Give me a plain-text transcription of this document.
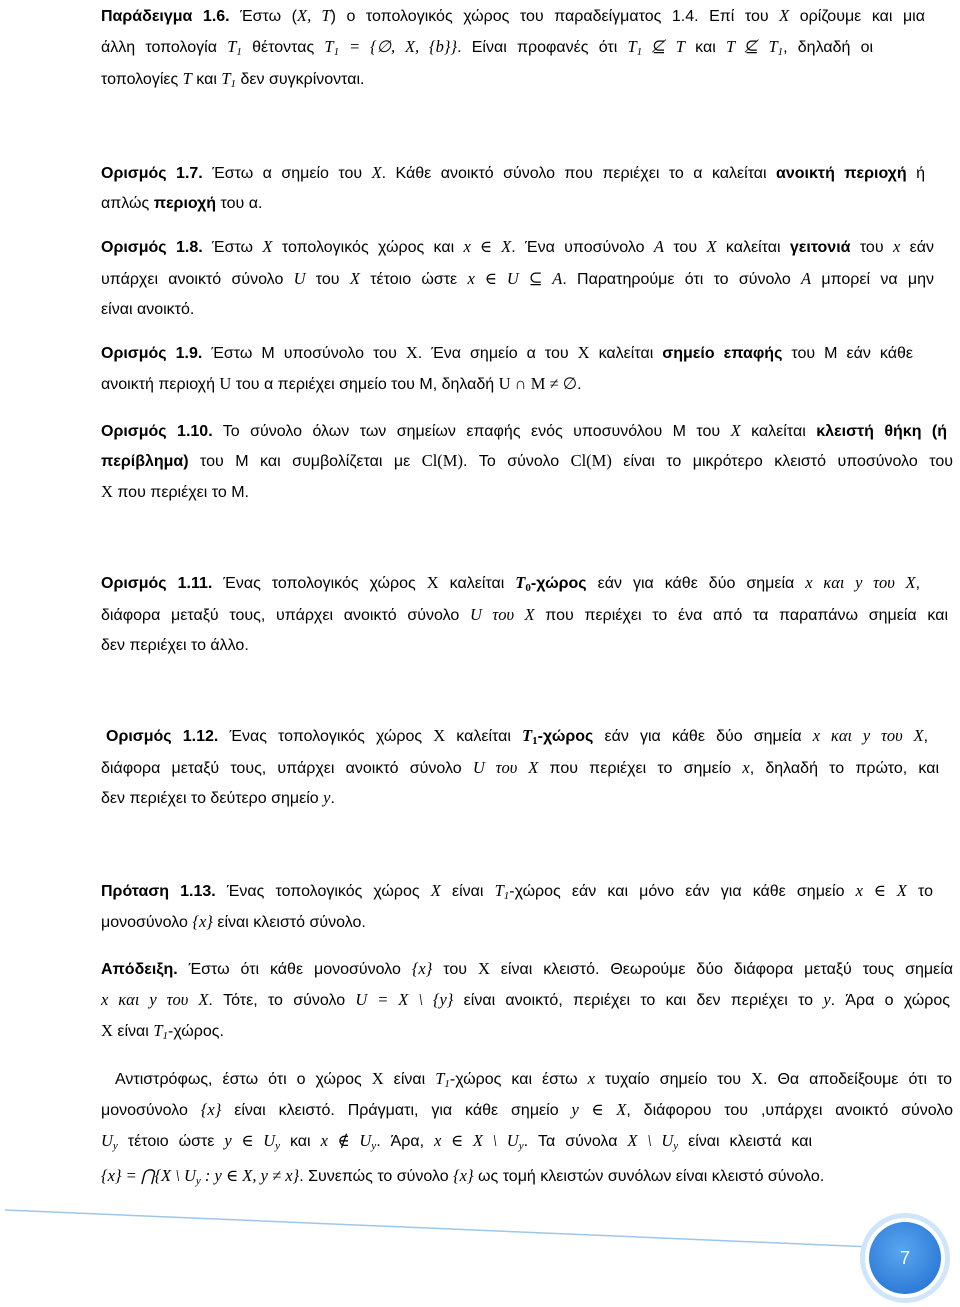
Παράδειγμα 1.6. Έστω (X, T) ο τοπολογικός χώρος του παραδείγματος 1.4. Επί του X ορίζουμε και μια
άλλη τοπολογία $T_1$ θέτοντας $T_1$ = {∅, X, {b}}. Είναι προφανές ότι $T_1$ ⊈ T και T ⊈ $T_1$, δηλαδή οι
τοπολογίες T και $T_1$ δεν συγκρίνονται.
Ορισμός 1.7. Έστω α σημείο του X. Κάθε ανοικτό σύνολο που περιέχει το α καλείται ανοικτή περιοχή ή
απλώς περιοχή του α.
Ορισμός 1.8. Έστω X τοπολογικός χώρος και x ∈ X. Ένα υποσύνολο A του X καλείται γειτονιά του x εάν
υπάρχει ανοικτό σύνολο U του X τέτοιο ώστε x ∈ U ⊆ A. Παρατηρούμε ότι το σύνολο A μπορεί να μην
είναι ανοικτό.
Ορισμός 1.9. Έστω Μ υποσύνολο του X. Ένα σημείο α του X καλείται σημείο επαφής του Μ εάν κάθε
ανοικτή περιοχή U του α περιέχει σημείο του Μ, δηλαδή U ∩ M ≠ ∅.
Ορισμός 1.10. Το σύνολο όλων των σημείων επαφής ενός υποσυνόλου Μ του X καλείται κλειστή θήκη (ή
περίβλημα) του Μ και συμβολίζεται με Cl(M). Το σύνολο Cl(M) είναι το μικρότερο κλειστό υποσύνολο του
X που περιέχει το Μ.
Ορισμός 1.11. Ένας τοπολογικός χώρος X καλείται $T_0$-χώρος εάν για κάθε δύο σημεία x και y του X,
διάφορα μεταξύ τους, υπάρχει ανοικτό σύνολο U του X που περιέχει το ένα από τα παραπάνω σημεία και
δεν περιέχει το άλλο.
Ορισμός 1.12. Ένας τοπολογικός χώρος X καλείται $T_1$-χώρος εάν για κάθε δύο σημεία x και y του X,
διάφορα μεταξύ τους, υπάρχει ανοικτό σύνολο U του X που περιέχει το σημείο x, δηλαδή το πρώτο, και
δεν περιέχει το δεύτερο σημείο y.
Πρόταση 1.13. Ένας τοπολογικός χώρος X είναι $T_1$-χώρος εάν και μόνο εάν για κάθε σημείο x ∈ X το
μονοσύνολο {x} είναι κλειστό σύνολο.
Απόδειξη. Έστω ότι κάθε μονοσύνολο {x} του X είναι κλειστό. Θεωρούμε δύο διάφορα μεταξύ τους σημεία
x και y του X. Τότε, το σύνολο U = X \ {y} είναι ανοικτό, περιέχει το και δεν περιέχει το y. Άρα ο χώρος
X είναι $T_1$-χώρος.
Αντιστρόφως, έστω ότι ο χώρος X είναι $T_1$-χώρος και έστω x τυχαίο σημείο του X. Θα αποδείξουμε ότι το
μονοσύνολο {x} είναι κλειστό. Πράγματι, για κάθε σημείο y ∈ X, διάφορου του ,υπάρχει ανοικτό σύνολο
$U_y$ τέτοιο ώστε y ∈ $U_y$ και x ∉ $U_y$. Άρα, x ∈ X \ $U_y$. Τα σύνολα X \ $U_y$ είναι κλειστά και
{x} = ⋂{X \ $U_y$ : y ∈ X, y ≠ x}. Συνεπώς το σύνολο {x} ως τομή κλειστών συνόλων είναι κλειστό σύνολο.
7
